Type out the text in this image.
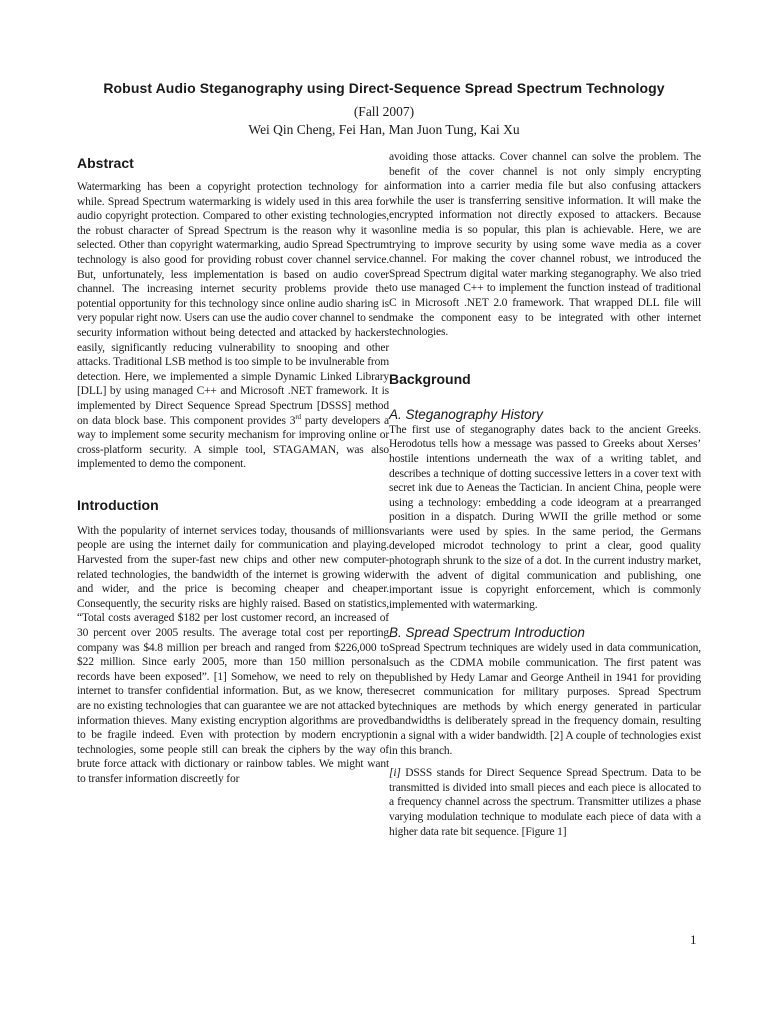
Robust Audio Steganography using Direct-Sequence Spread Spectrum Technology
(Fall 2007)
Wei Qin Cheng, Fei Han, Man Juon Tung, Kai Xu
Abstract

Watermarking has been a copyright protection technology for a while. Spread Spectrum watermarking is widely used in this area for audio copyright protection. Compared to other existing technologies, the robust character of Spread Spectrum is the reason why it was selected. Other than copyright watermarking, audio Spread Spectrum technology is also good for providing robust cover channel service. But, unfortunately, less implementation is based on audio cover channel. The increasing internet security problems provide the potential opportunity for this technology since online audio sharing is very popular right now. Users can use the audio cover channel to send security information without being detected and attacked by hackers easily, significantly reducing vulnerability to snooping and other attacks. Traditional LSB method is too simple to be invulnerable from detection. Here, we implemented a simple Dynamic Linked Library [DLL] by using managed C++ and Microsoft .NET framework. It is implemented by Direct Sequence Spread Spectrum [DSSS] method on data block base. This component provides 3rd party developers a way to implement some security mechanism for improving online or cross-platform security. A simple tool, STAGAMAN, was also implemented to demo the component.

Introduction

With the popularity of internet services today, thousands of millions people are using the internet daily for communication and playing. Harvested from the super-fast new chips and other new computer-related technologies, the bandwidth of the internet is growing wider and wider, and the price is becoming cheaper and cheaper. Consequently, the security risks are highly raised. Based on statistics, “Total costs averaged $182 per lost customer record, an increased of 30 percent over 2005 results. The average total cost per reporting company was $4.8 million per breach and ranged from $226,000 to $22 million. Since early 2005, more than 150 million personal records have been exposed”. [1] Somehow, we need to rely on the internet to transfer confidential information. But, as we know, there are no existing technologies that can guarantee we are not attacked by information thieves. Many existing encryption algorithms are proved to be fragile indeed. Even with protection by modern encryption technologies, some people still can break the ciphers by the way of brute force attack with dictionary or rainbow tables. We might want to transfer information discreetly for

avoiding those attacks. Cover channel can solve the problem. The benefit of the cover channel is not only simply encrypting information into a carrier media file but also confusing attackers while the user is transferring sensitive information. It will make the encrypted information not directly exposed to attackers. Because online media is so popular, this plan is achievable. Here, we are trying to improve security by using some wave media as a cover channel. For making the cover channel robust, we introduced the Spread Spectrum digital water marking steganography. We also tried to use managed C++ to implement the function instead of traditional C in Microsoft .NET 2.0 framework. That wrapped DLL file will make the component easy to be integrated with other internet technologies.

Background
A. Steganography History

The first use of steganography dates back to the ancient Greeks. Herodotus tells how a message was passed to Greeks about Xerses’ hostile intentions underneath the wax of a writing tablet, and describes a technique of dotting successive letters in a cover text with secret ink due to Aeneas the Tactician. In ancient China, people were using a technology: embedding a code ideogram at a prearranged position in a dispatch. During WWII the grille method or some variants were used by spies. In the same period, the Germans developed microdot technology to print a clear, good quality photograph shrunk to the size of a dot. In the current industry market, with the advent of digital communication and publishing, one important issue is copyright enforcement, which is commonly implemented with watermarking.

B. Spread Spectrum Introduction

Spread Spectrum techniques are widely used in data communication, such as the CDMA mobile communication. The first patent was published by Hedy Lamar and George Antheil in 1941 for providing secret communication for military purposes. Spread Spectrum techniques are methods by which energy generated in particular bandwidths is deliberately spread in the frequency domain, resulting in a signal with a wider bandwidth. [2] A couple of technologies exist in this branch.

[i] DSSS stands for Direct Sequence Spread Spectrum. Data to be transmitted is divided into small pieces and each piece is allocated to a frequency channel across the spectrum. Transmitter utilizes a phase varying modulation technique to modulate each piece of data with a higher data rate bit sequence. [Figure 1]

1
